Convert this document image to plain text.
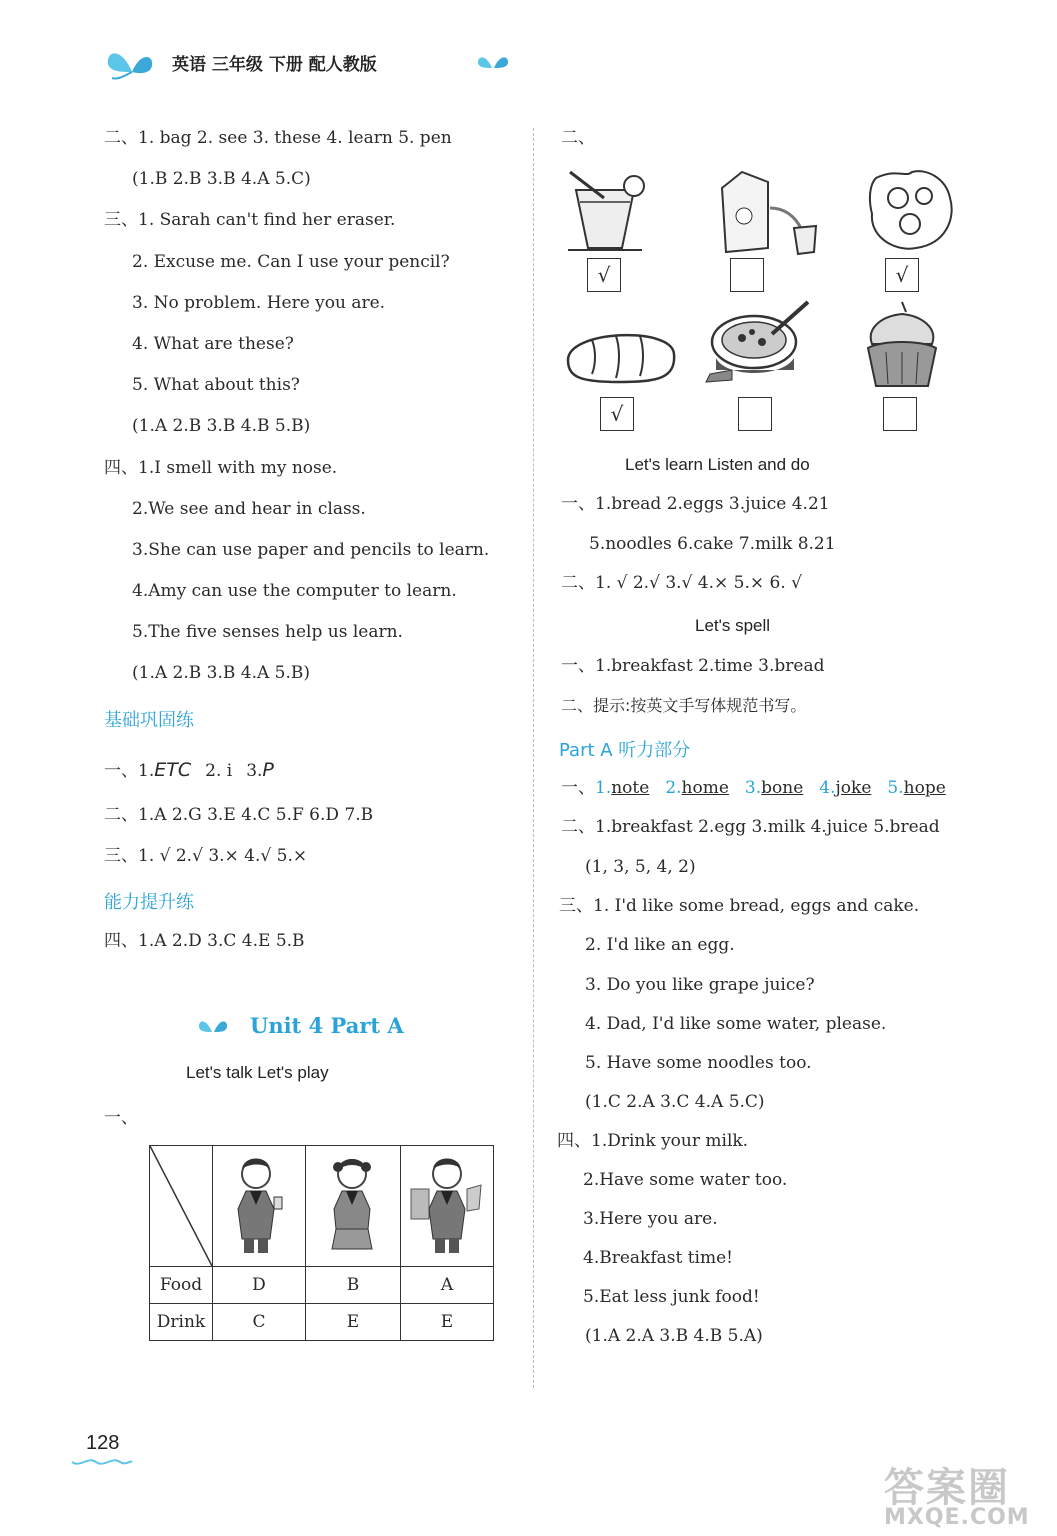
英语 三年级 下册 配人教版
二、1. bag 2. see 3. these 4. learn 5. pen
(1.B 2.B 3.B 4.A 5.C)
三、1. Sarah can't find her eraser.
2. Excuse me. Can I use your pencil?
3. No problem. Here you are.
4. What are these?
5. What about this?
(1.A 2.B 3.B 4.B 5.B)
四、1.I smell with my nose.
2.We see and hear in class.
3.She can use paper and pencils to learn.
4.Amy can use the computer to learn.
5.The five senses help us learn.
(1.A 2.B 3.B 4.A 5.B)
基础巩固练
一、1.ETC 2. i 3.P
二、1.A 2.G 3.E 4.C 5.F 6.D 7.B
三、1. √ 2.√ 3.× 4.√ 5.×
能力提升练
四、1.A 2.D 3.C 4.E 5.B
Unit 4 Part A
Let's talk Let's play
一、

Food	D	B	A
Drink	C	E	E
二、
√	√
√
Let's learn Listen and do
一、1.bread 2.eggs 3.juice 4.21
5.noodles 6.cake 7.milk 8.21
二、1. √ 2.√ 3.√ 4.× 5.× 6. √
Let's spell
一、1.breakfast 2.time 3.bread
二、提示:按英文手写体规范书写。
Part A 听力部分
一、1.note 2.home 3.bone 4.joke 5.hope
二、1.breakfast 2.egg 3.milk 4.juice 5.bread
(1, 3, 5, 4, 2)
三、1. I'd like some bread, eggs and cake.
2. I'd like an egg.
3. Do you like grape juice?
4. Dad, I'd like some water, please.
5. Have some noodles too.
(1.C 2.A 3.C 4.A 5.C)
四、1.Drink your milk.
2.Have some water too.
3.Here you are.
4.Breakfast time!
5.Eat less junk food!
(1.A 2.A 3.B 4.B 5.A)
128
答案圈
MXQE.COM
